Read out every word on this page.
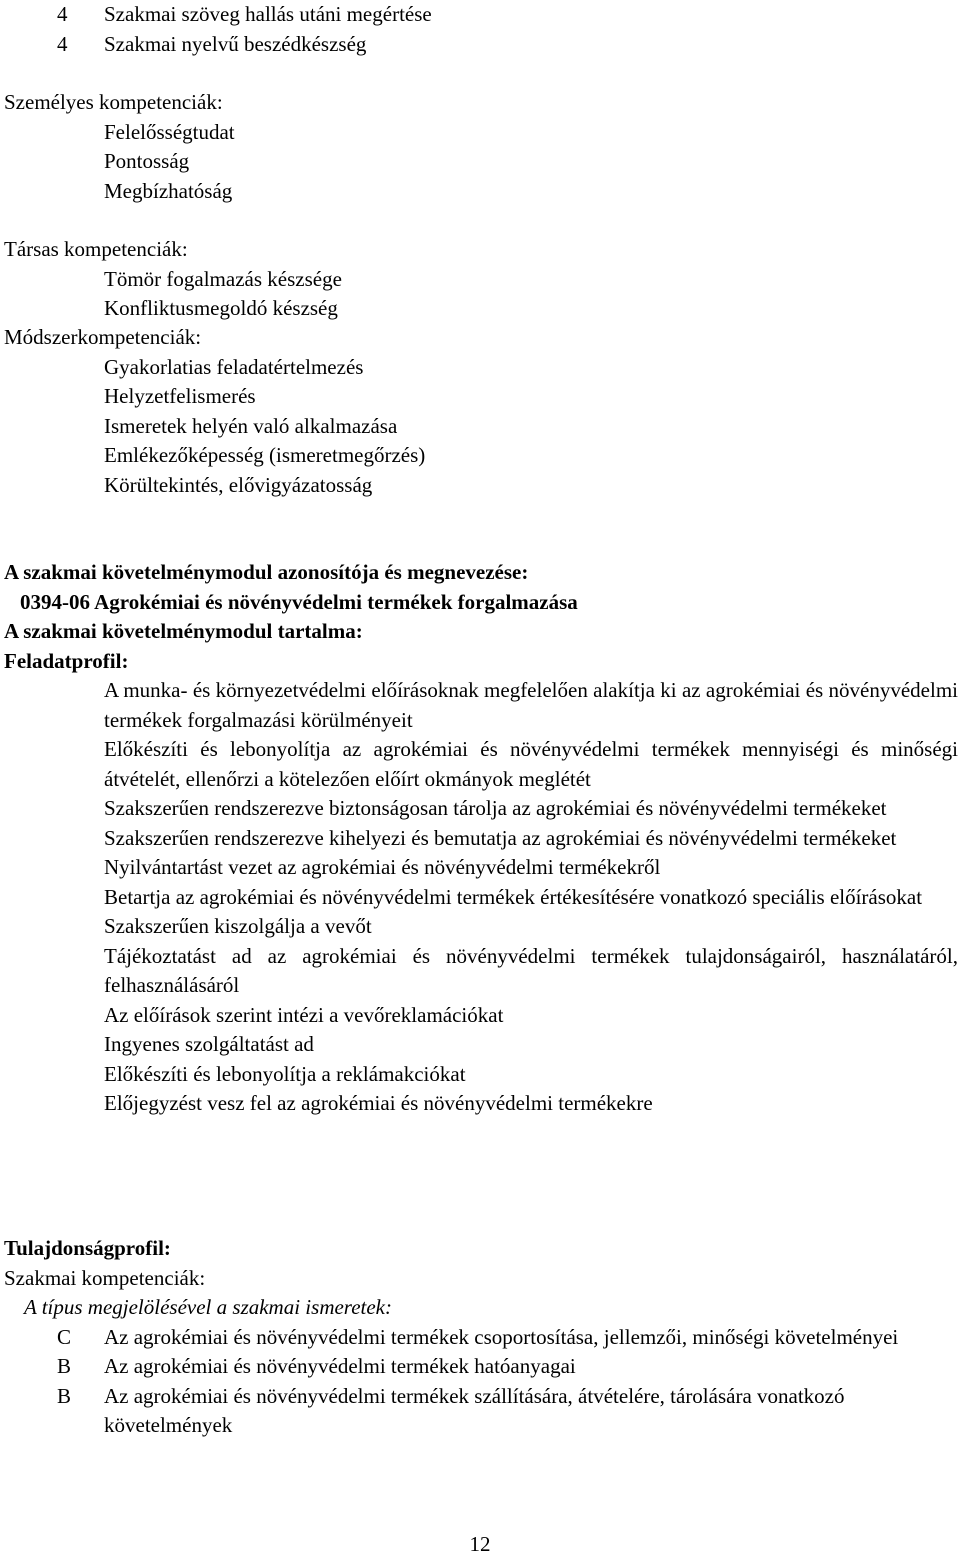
4 Szakmai szöveg hallás utáni megértése
4 Szakmai nyelvű beszédkészség
Személyes kompetenciák:
Felelősségtudat
Pontosság
Megbízhatóság
Társas kompetenciák:
Tömör fogalmazás készsége
Konfliktusmegoldó készség
Módszerkompetenciák:
Gyakorlatias feladatértelmezés
Helyzetfelismerés
Ismeretek helyén való alkalmazása
Emlékezőképesség (ismeretmegőrzés)
Körültekintés, elővigyázatosság
A szakmai követelménymodul azonosítója és megnevezése:
0394-06 Agrokémiai és növényvédelmi termékek forgalmazása
A szakmai követelménymodul tartalma:
Feladatprofil:
A munka- és környezetvédelmi előírásoknak megfelelően alakítja ki az agrokémiai és növényvédelmi termékek forgalmazási körülményeit
Előkészíti és lebonyolítja az agrokémiai és növényvédelmi termékek mennyiségi és minőségi átvételét, ellenőrzi a kötelezően előírt okmányok meglétét
Szakszerűen rendszerezve biztonságosan tárolja az agrokémiai és növényvédelmi termékeket
Szakszerűen rendszerezve kihelyezi és bemutatja az agrokémiai és növényvédelmi termékeket
Nyilvántartást vezet az agrokémiai és növényvédelmi termékekről
Betartja az agrokémiai és növényvédelmi termékek értékesítésére vonatkozó speciális előírásokat
Szakszerűen kiszolgálja a vevőt
Tájékoztatást ad az agrokémiai és növényvédelmi termékek tulajdonságairól, használatáról, felhasználásáról
Az előírások szerint intézi a vevőreklamációkat
Ingyenes szolgáltatást ad
Előkészíti és lebonyolítja a reklámakciókat
Előjegyzést vesz fel az agrokémiai és növényvédelmi termékekre
Tulajdonságprofil:
Szakmai kompetenciák:
A típus megjelölésével a szakmai ismeretek:
C	Az agrokémiai és növényvédelmi termékek csoportosítása, jellemzői, minőségi követelményei
B	Az agrokémiai és növényvédelmi termékek hatóanyagai
B	Az agrokémiai és növényvédelmi termékek szállítására, átvételére, tárolására vonatkozó követelmények
12
